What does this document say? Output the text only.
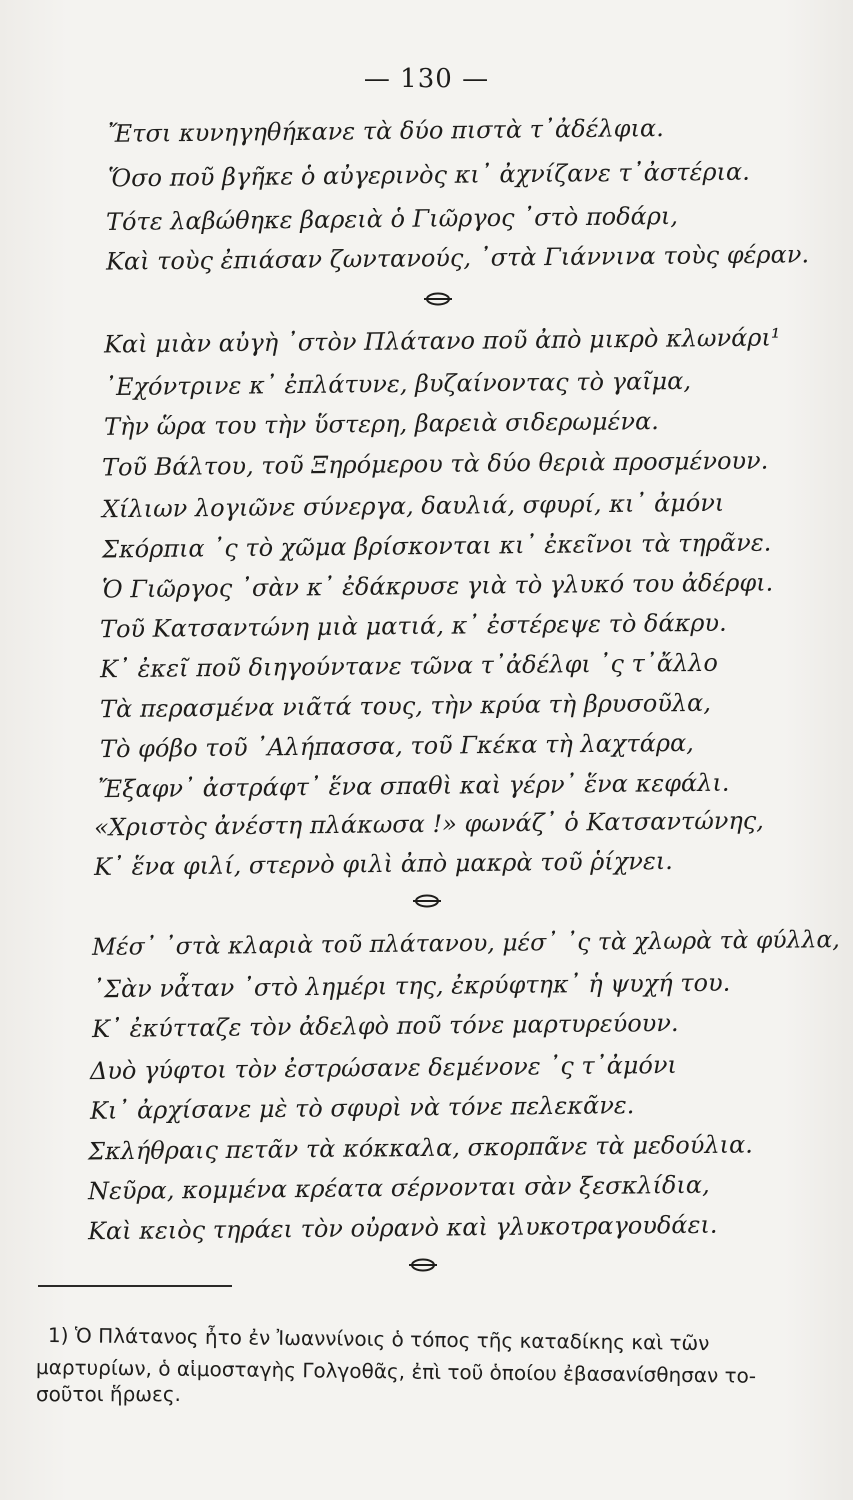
— 130 —
Ἔτσι κυνηγηθήκανε τὰ δύο πιστὰ τ᾽ἀδέλφια.
Ὅσο ποῦ βγῆκε ὁ αὐγερινὸς κι᾽ ἀχνίζανε τ᾽ἀστέρια.
Τότε λαβώθηκε βαρειὰ ὁ Γιῶργος ᾿στὸ ποδάρι,
Καὶ τοὺς ἐπιάσαν ζωντανούς, ᾿στὰ Γιάννινα τοὺς φέραν.
Καὶ μιὰν αὐγὴ ᾿στὸν Πλάτανο ποῦ ἀπὸ μικρὸ κλωνάρι¹
᾿Εχόντρινε κ᾽ ἐπλάτυνε, βυζαίνοντας τὸ γαῖμα,
Τὴν ὥρα του τὴν ὕστερη, βαρειὰ σιδερωμένα.
Τοῦ Βάλτου, τοῦ Ξηρόμερου τὰ δύο θεριὰ προσμένουν.
Χίλιων λογιῶνε σύνεργα, δαυλιά, σφυρί, κι᾽ ἀμόνι
Σκόρπια ᾿ς τὸ χῶμα βρίσκονται κι᾽ ἐκεῖνοι τὰ τηρᾶνε.
Ὁ Γιῶργος ᾿σὰν κ᾽ ἐδάκρυσε γιὰ τὸ γλυκό του ἀδέρφι.
Τοῦ Κατσαντώνη μιὰ ματιά, κ᾽ ἐστέρεψε τὸ δάκρυ.
Κ᾽ ἐκεῖ ποῦ διηγούντανε τῶνα τ᾽ἀδέλφι ᾿ς τ᾽ἄλλο
Τὰ περασμένα νιᾶτά τους, τὴν κρύα τὴ βρυσοῦλα,
Τὸ φόβο τοῦ ᾿Αλήπασσα, τοῦ Γκέκα τὴ λαχτάρα,
Ἔξαφν᾽ ἀστράφτ᾽ ἕνα σπαθὶ καὶ γέρν᾽ ἕνα κεφάλι.
«Χριστὸς ἀνέστη πλάκωσα !» φωνάζ᾽ ὁ Κατσαντώνης,
Κ᾽ ἕνα φιλί, στερνὸ φιλὶ ἀπὸ μακρὰ τοῦ ῥίχνει.
Μέσ᾽ ᾿στὰ κλαριὰ τοῦ πλάτανου, μέσ᾽ ᾿ς τὰ χλωρὰ τὰ φύλλα,
᾿Σὰν νἆταν ᾿στὸ λημέρι της, ἐκρύφτηκ᾽ ἡ ψυχή του.
Κ᾽ ἐκύτταζε τὸν ἀδελφὸ ποῦ τόνε μαρτυρεύουν.
Δυὸ γύφτοι τὸν ἐστρώσανε δεμένονε ᾿ς τ᾽ἀμόνι
Κι᾽ ἀρχίσανε μὲ τὸ σφυρὶ νὰ τόνε πελεκᾶνε.
Σκλήθραις πετᾶν τὰ κόκκαλα, σκορπᾶνε τὰ μεδούλια.
Νεῦρα, κομμένα κρέατα σέρνονται σὰν ξεσκλίδια,
Καὶ κειὸς τηράει τὸν οὐρανὸ καὶ γλυκοτραγουδάει.
1) Ὁ Πλάτανος ἦτο ἐν Ἰωαννίνοις ὁ τόπος τῆς καταδίκης καὶ τῶν
μαρτυρίων, ὁ αἱμοσταγὴς Γολγοθᾶς, ἐπὶ τοῦ ὁποίου ἐβασανίσθησαν το-
σοῦτοι ἥρωες.
